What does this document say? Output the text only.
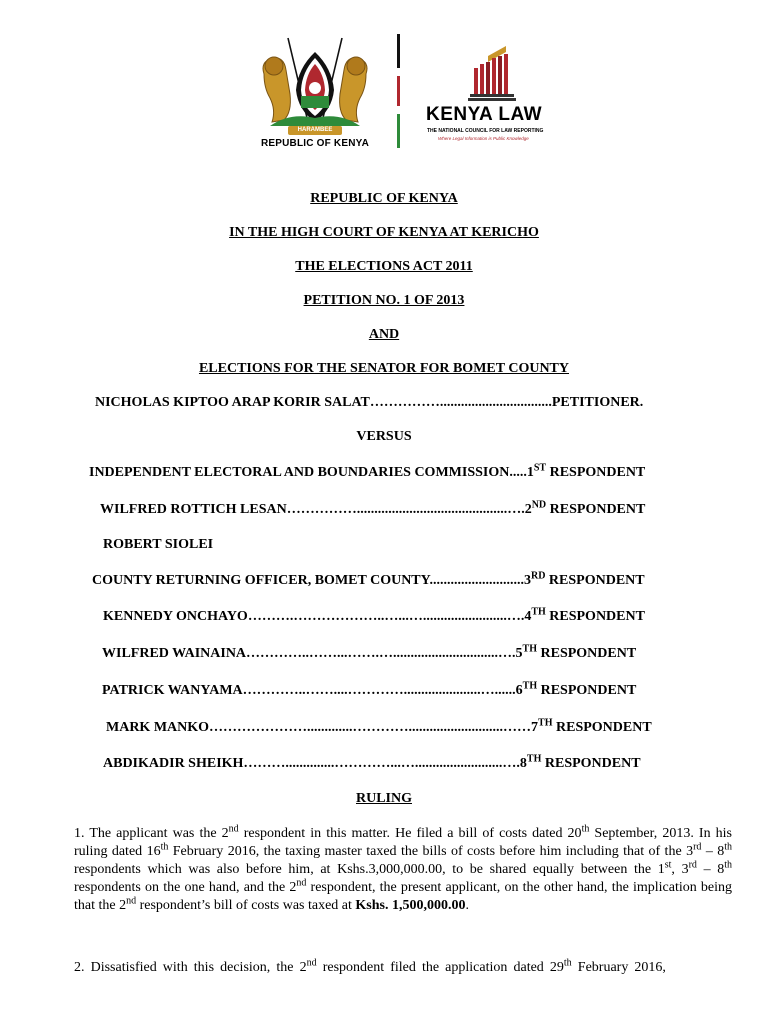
HARAMBEE
REPUBLIC OF KENYA
KENYA LAW
THE NATIONAL COUNCIL FOR LAW REPORTING
Where Legal Information is Public Knowledge
REPUBLIC OF KENYA
IN THE HIGH COURT OF KENYA AT KERICHO
THE ELECTIONS ACT 2011
PETITION NO. 1 OF 2013
AND
ELECTIONS FOR THE SENATOR FOR BOMET COUNTY
NICHOLAS KIPTOO ARAP KORIR SALAT……………................................PETITIONER.
VERSUS
INDEPENDENT ELECTORAL AND BOUNDARIES COMMISSION.....1ST RESPONDENT
WILFRED ROTTICH LESAN……………...........................................….2ND RESPONDENT
ROBERT SIOLEI
COUNTY RETURNING OFFICER, BOMET COUNTY...........................3RD RESPONDENT
KENNEDY ONCHAYO……….………………..…...…........................….4TH RESPONDENT
WILFRED WAINAINA…………..……...…….…..............................….5TH RESPONDENT
PATRICK WANYAMA…………..……....…………......................…......6TH RESPONDENT
MARK MANKO………………….............…………...........................……7TH RESPONDENT
ABDIKADIR SHEIKH………..............…………...….........................….8TH RESPONDENT
RULING
1. The applicant was the 2nd respondent in this matter. He filed a bill of costs dated 20th September, 2013. In his ruling dated 16th February 2016, the taxing master taxed the bills of costs before him including that of the 3rd – 8th respondents which was also before him, at Kshs.3,000,000.00, to be shared equally between the 1st, 3rd – 8th respondents on the one hand, and the 2nd respondent, the present applicant, on the other hand, the implication being that the 2nd respondent’s bill of costs was taxed at Kshs. 1,500,000.00.
2. Dissatisfied with this decision, the 2nd respondent filed the application dated 29th February 2016,
